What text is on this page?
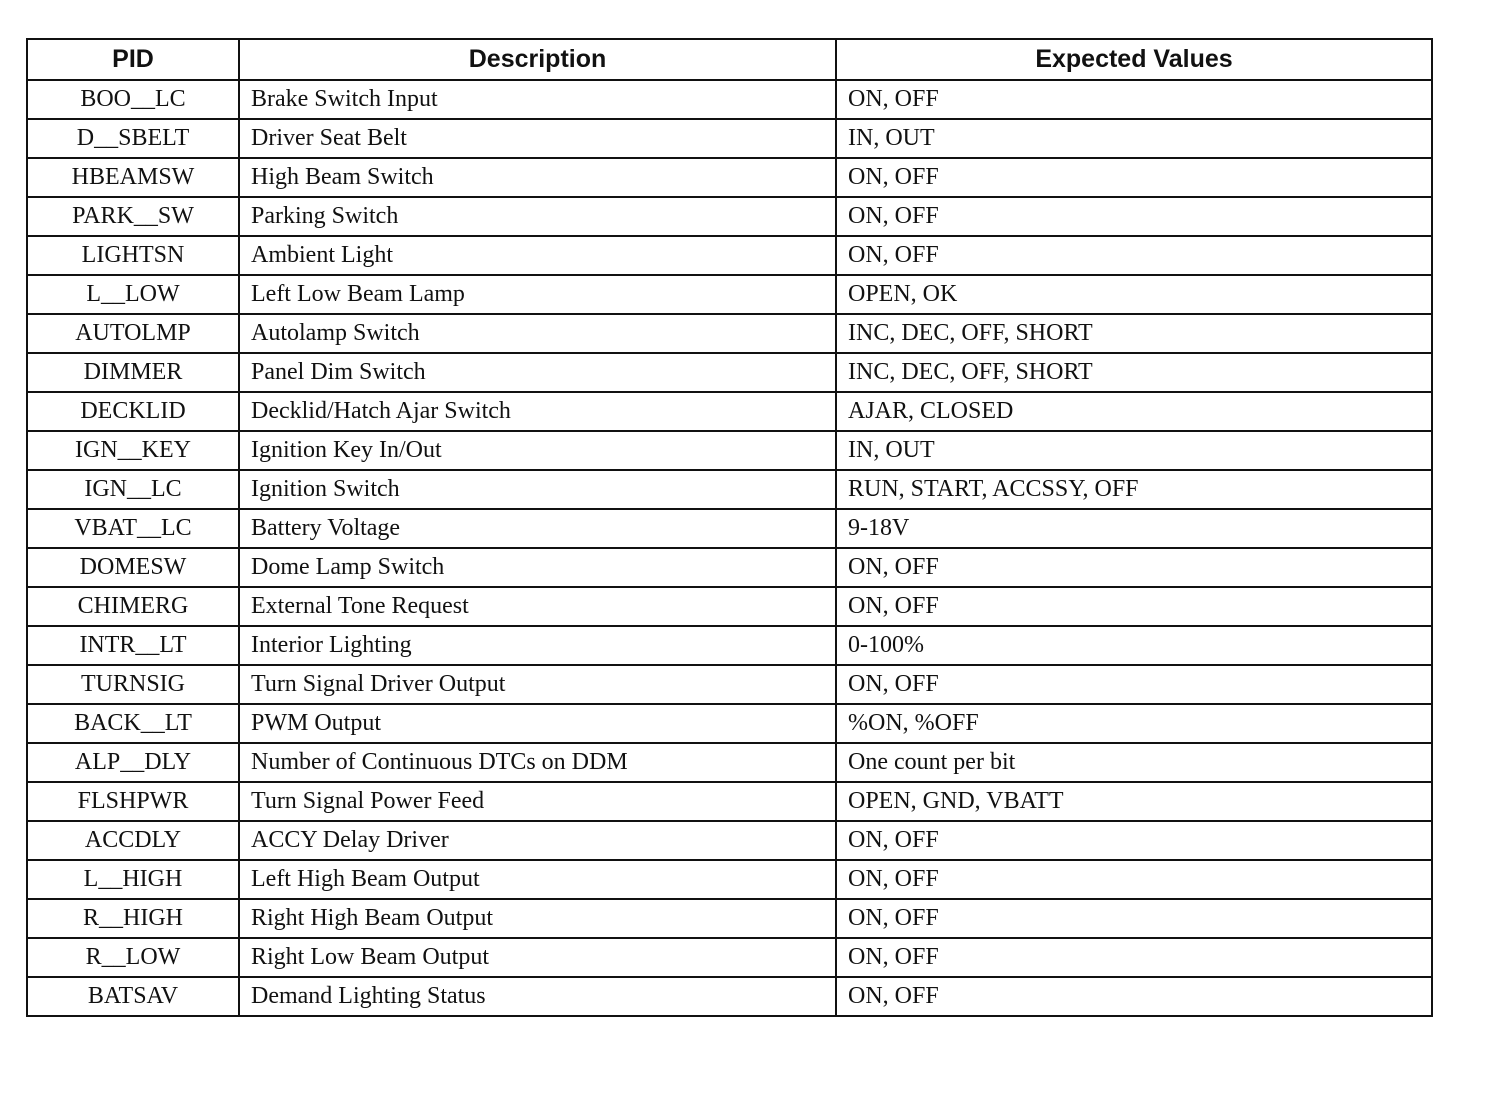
PID	Description	Expected Values
BOO__LC	Brake Switch Input	ON, OFF
D__SBELT	Driver Seat Belt	IN, OUT
HBEAMSW	High Beam Switch	ON, OFF
PARK__SW	Parking Switch	ON, OFF
LIGHTSN	Ambient Light	ON, OFF
L__LOW	Left Low Beam Lamp	OPEN, OK
AUTOLMP	Autolamp Switch	INC, DEC, OFF, SHORT
DIMMER	Panel Dim Switch	INC, DEC, OFF, SHORT
DECKLID	Decklid/Hatch Ajar Switch	AJAR, CLOSED
IGN__KEY	Ignition Key In/Out	IN, OUT
IGN__LC	Ignition Switch	RUN, START, ACCSSY, OFF
VBAT__LC	Battery Voltage	9-18V
DOMESW	Dome Lamp Switch	ON, OFF
CHIMERG	External Tone Request	ON, OFF
INTR__LT	Interior Lighting	0-100%
TURNSIG	Turn Signal Driver Output	ON, OFF
BACK__LT	PWM Output	%ON, %OFF
ALP__DLY	Number of Continuous DTCs on DDM	One count per bit
FLSHPWR	Turn Signal Power Feed	OPEN, GND, VBATT
ACCDLY	ACCY Delay Driver	ON, OFF
L__HIGH	Left High Beam Output	ON, OFF
R__HIGH	Right High Beam Output	ON, OFF
R__LOW	Right Low Beam Output	ON, OFF
BATSAV	Demand Lighting Status	ON, OFF
